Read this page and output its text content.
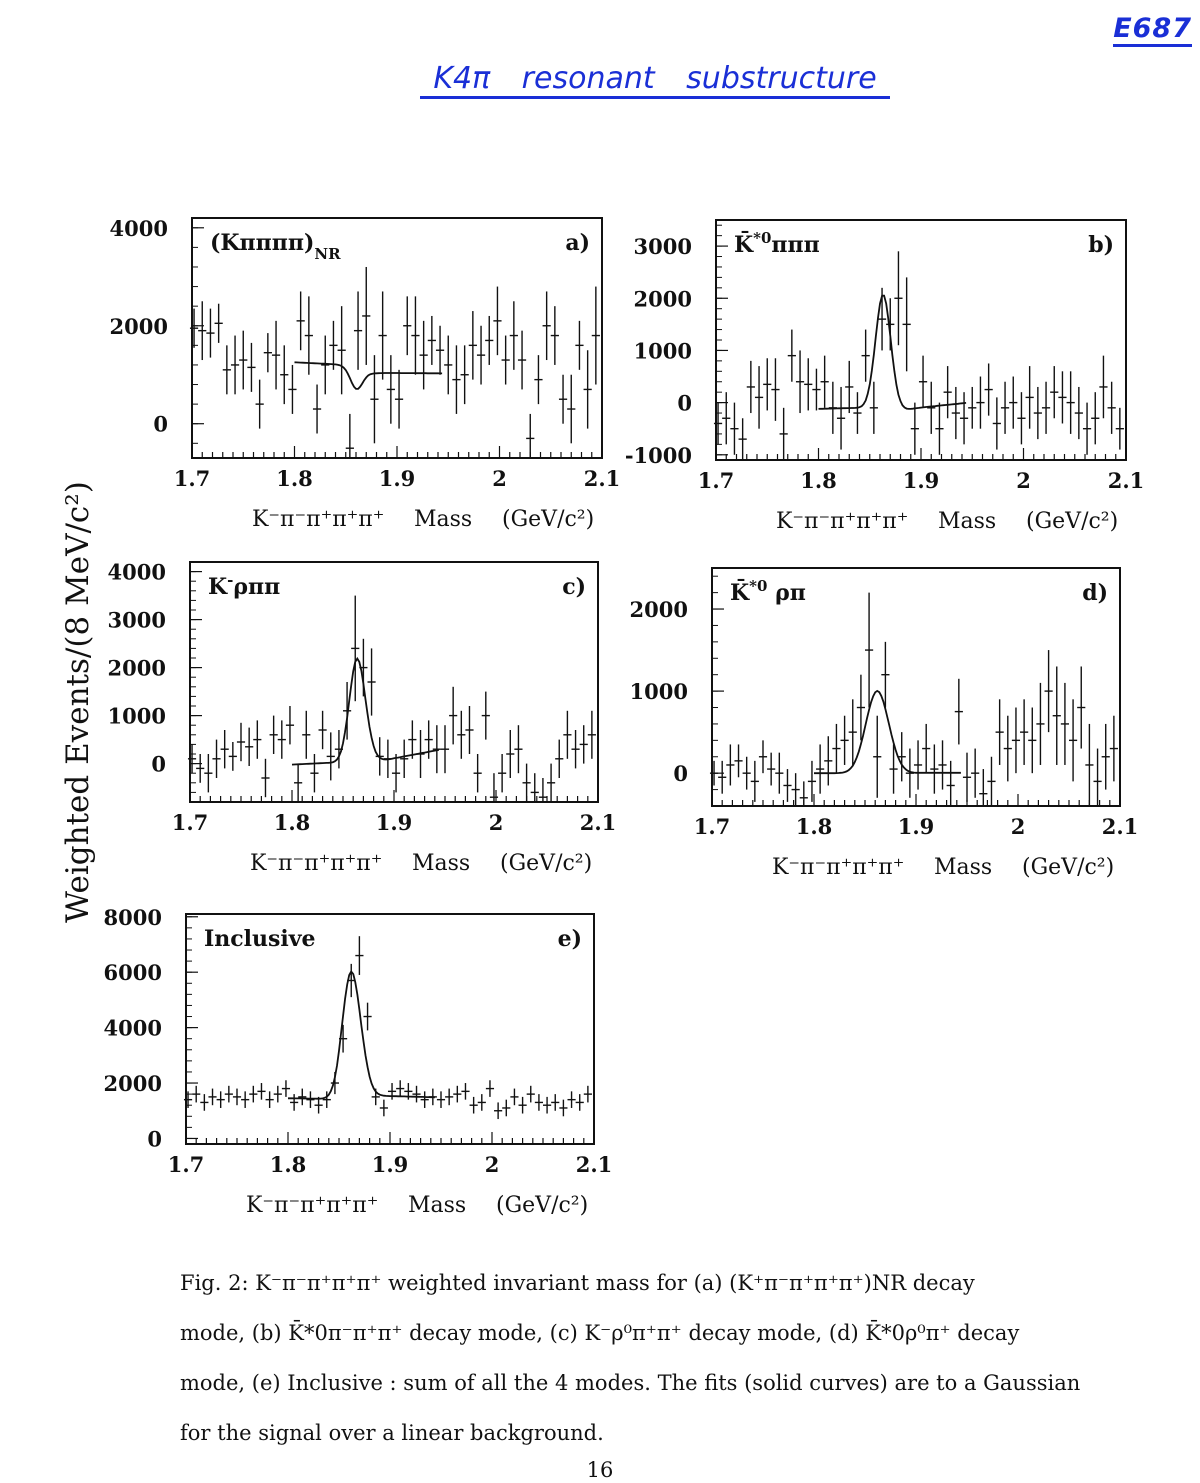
E687
K4π resonant substructure
Weighted Events/(8 MeV/c²)
1.7	1.8	1.9	2	2.1
0
2000
4000
$(K\pi\pi\pi\pi)_{NR}$	a)
K⁻π⁻π⁺π⁺π⁺ Mass (GeV/c²)
1.7	1.8	1.9	2	2.1
3000
2000
1000
0
-1000
K̄$^{*0}$πππ	b)
K⁻π⁻π⁺π⁺π⁺ Mass (GeV/c²)
1.7	1.8	1.9	2	2.1
4000
3000
2000
1000
0
K-ρππ	c)
K⁻π⁻π⁺π⁺π⁺ Mass (GeV/c²)
1.7	1.8	1.9	2	2.1
2000
1000
0
K̄$^{*0}$ ρπ	d)
K⁻π⁻π⁺π⁺π⁺ Mass (GeV/c²)
1.7	1.8	1.9	2	2.1
8000
6000
4000
2000
0
Inclusive	e)
K⁻π⁻π⁺π⁺π⁺ Mass (GeV/c²)
Fig. 2: K⁻π⁻π⁺π⁺π⁺ weighted invariant mass for (a) (K⁺π⁻π⁺π⁺π⁺)NR decay
mode, (b) K̄*0π⁻π⁺π⁺ decay mode, (c) K⁻ρ⁰π⁺π⁺ decay mode, (d) K̄*0ρ⁰π⁺ decay
mode, (e) Inclusive : sum of all the 4 modes. The fits (solid curves) are to a Gaussian
for the signal over a linear background.
16
